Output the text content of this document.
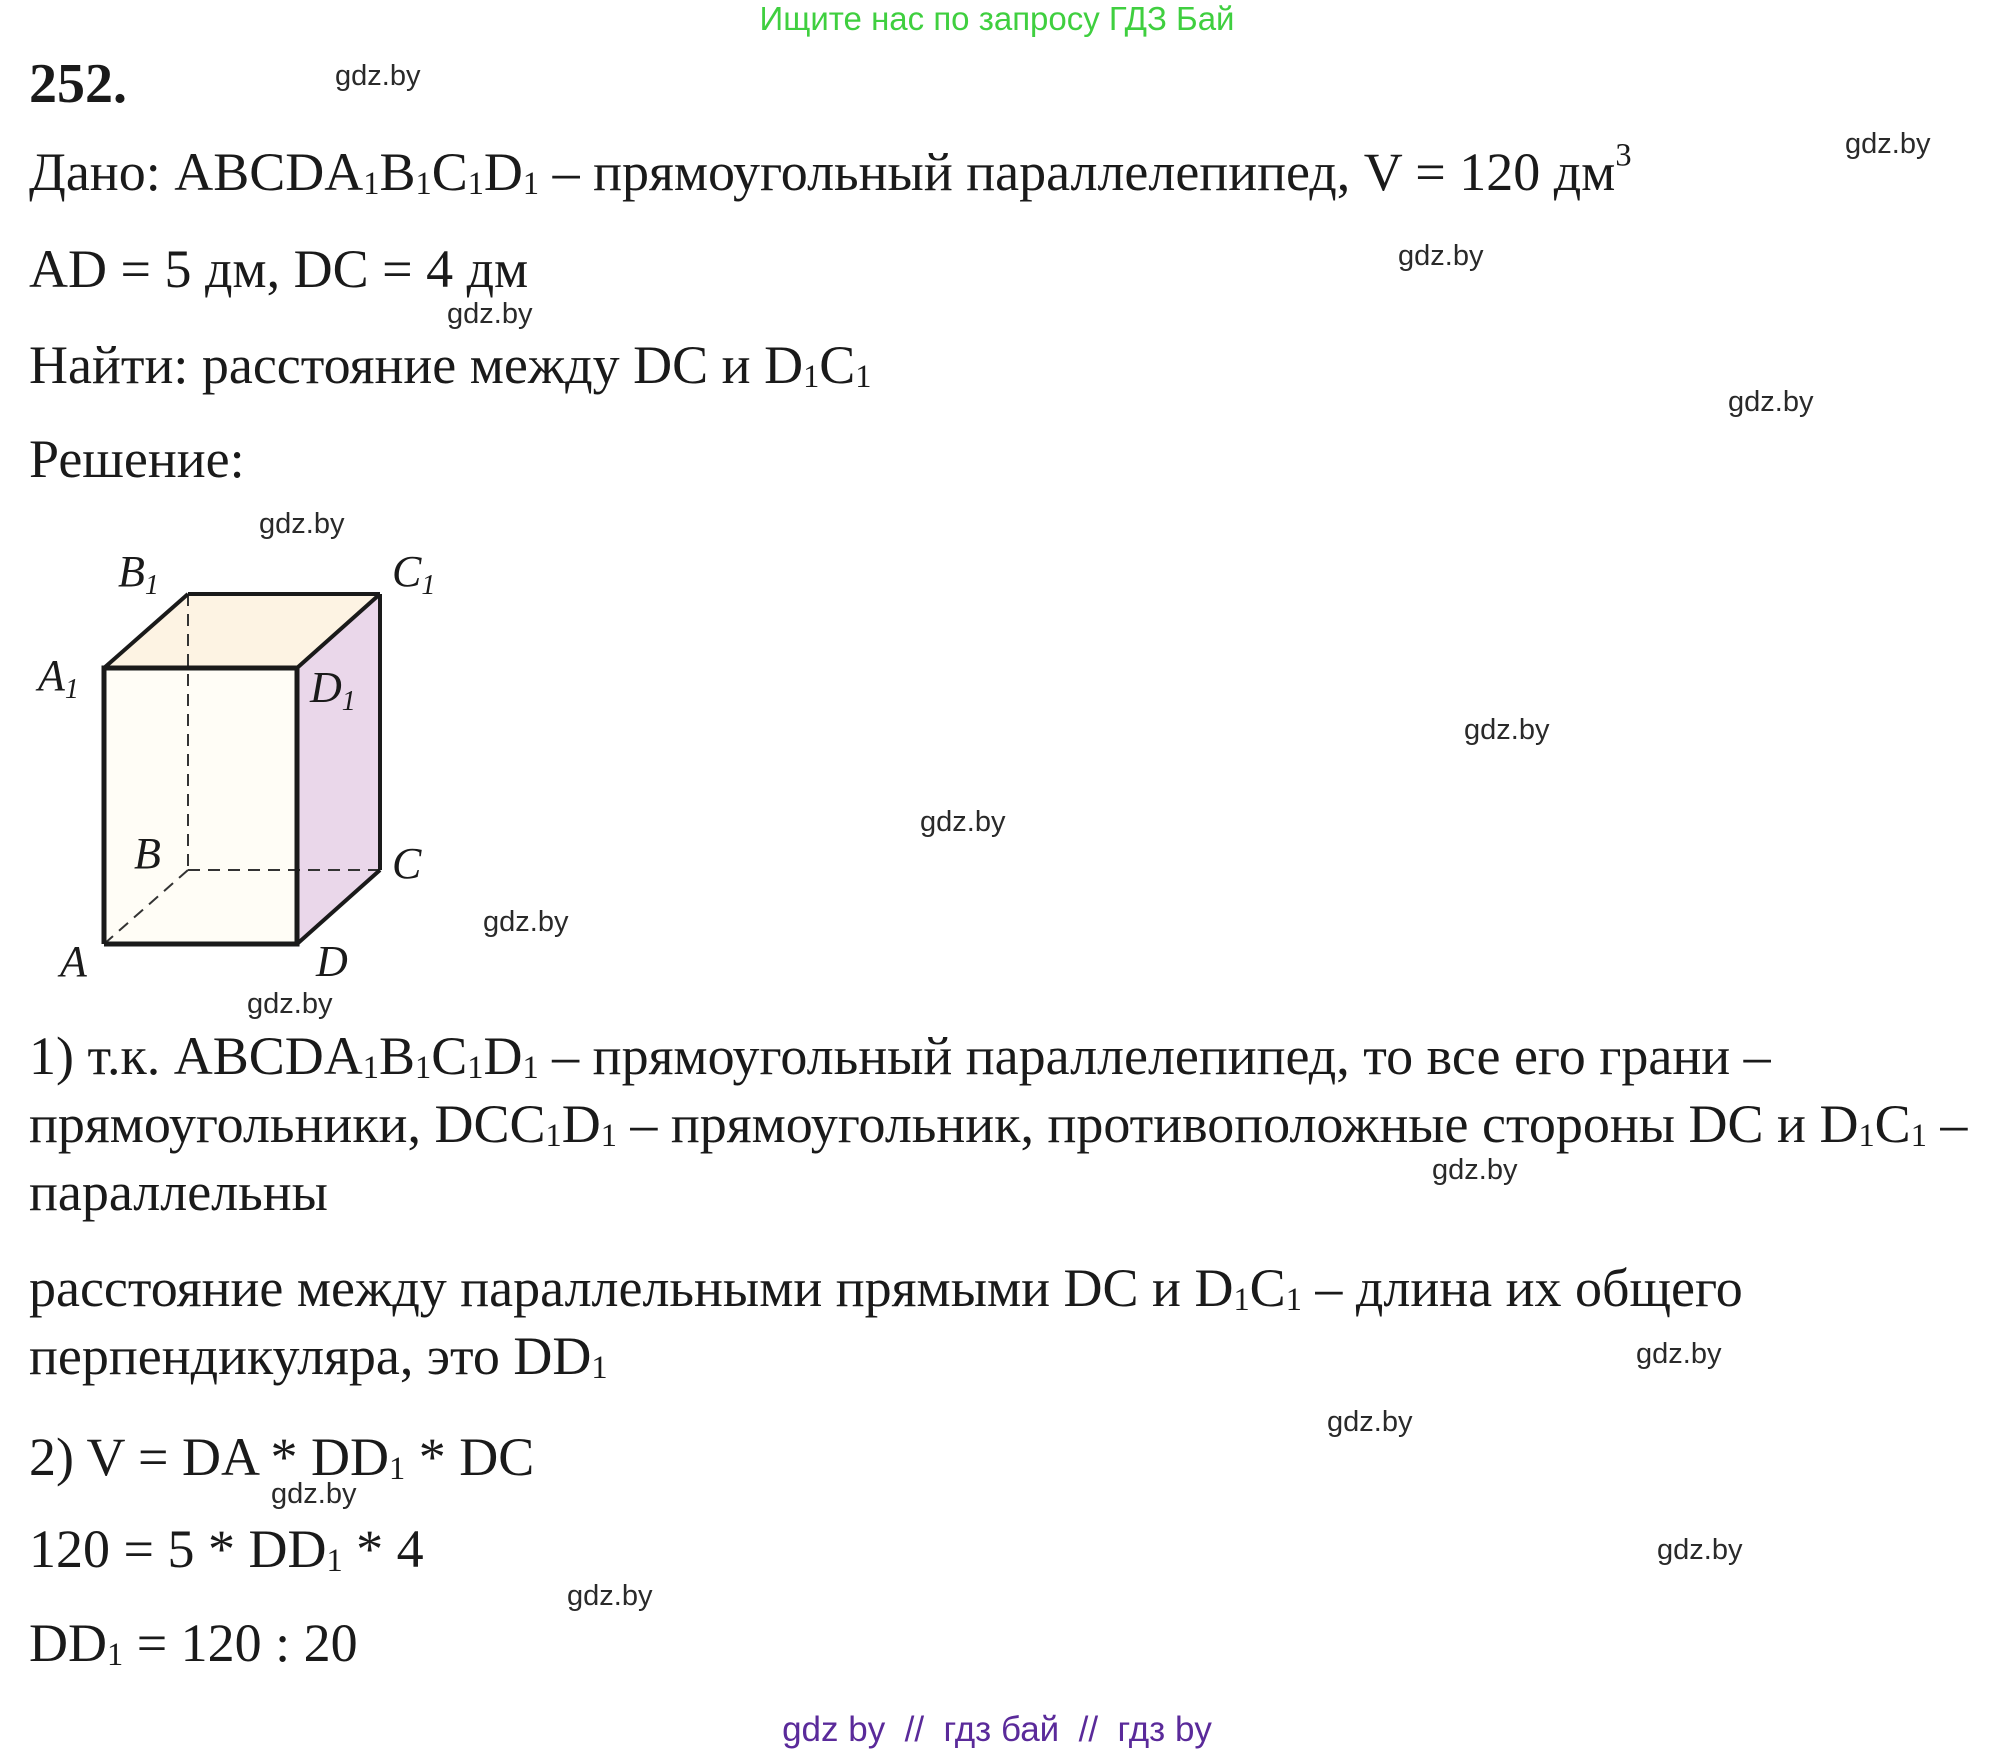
Ищите нас по запросу ГДЗ Бай
252.
Дано: $ABCDA_1B_1C_1D_1$ – прямоугольный параллелепипед, V = 120 $дм^3$
AD = 5 дм, DC = 4 дм
Найти: расстояние между DC и $D_1C_1$
Решение:
B1	C1
A1	D1
B	C
A	D
1) т.к. $ABCDA_1B_1C_1D_1$ – прямоугольный параллелепипед, то все его грани – прямоугольники, $DCC_1D_1$ – прямоугольник, противоположные стороны DC и $D_1C_1$ – параллельны
расстояние между параллельными прямыми DC и $D_1C_1$ – длина их общего перпендикуляра, это $DD_1$
2) V = DA * $DD_1$ * DC
$120 = 5 * DD_1 * 4$
$DD_1 = 120$ : 20
gdz.by
gdz.by
gdz.by
gdz.by
gdz.by
gdz.by
gdz.by
gdz.by
gdz.by
gdz.by
gdz.by
gdz.by
gdz.by
gdz.by
gdz.by
gdz.by
gdz by  //  гдз бай  //  гдз by
